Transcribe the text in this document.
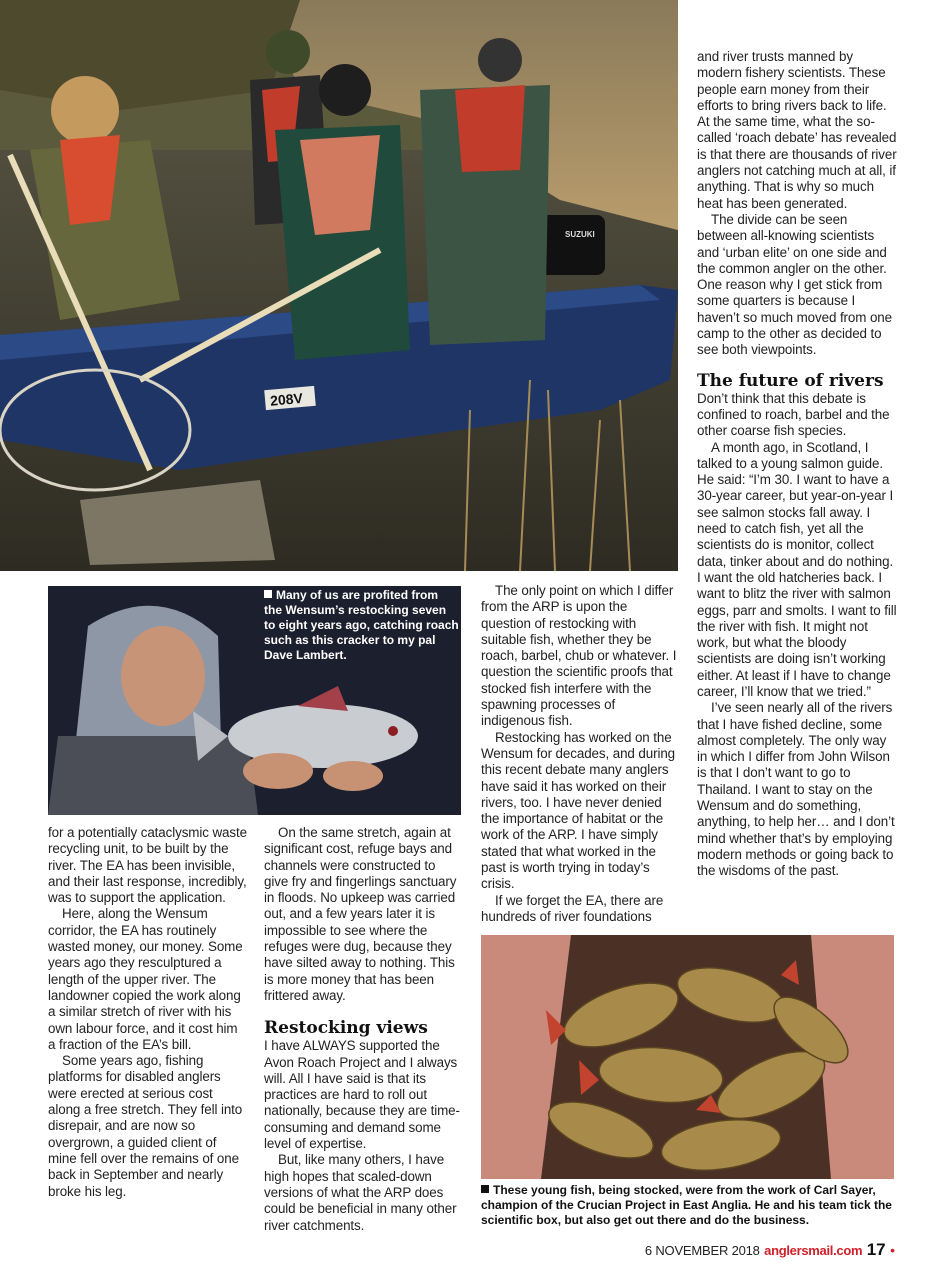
208V
SUZUKI
Many of us are profited from the Wensum’s restocking seven to eight years ago, catching roach such as this cracker to my pal Dave Lambert.

for a potentially cataclysmic waste recycling unit, to be built by the river. The EA has been invisible, and their last response, incredibly, was to support the application.

Here, along the Wensum corridor, the EA has routinely wasted money, our money. Some years ago they resculptured a length of the upper river. The landowner copied the work along a similar stretch of river with his own labour force, and it cost him a fraction of the EA’s bill.

Some years ago, fishing platforms for disabled anglers were erected at serious cost along a free stretch. They fell into disrepair, and are now so overgrown, a guided client of mine fell over the remains of one back in September and nearly broke his leg.

On the same stretch, again at significant cost, refuge bays and channels were constructed to give fry and fingerlings sanctuary in floods. No upkeep was carried out, and a few years later it is impossible to see where the refuges were dug, because they have silted away to nothing. This is more money that has been frittered away.

Restocking views

I have ALWAYS supported the Avon Roach Project and I always will. All I have said is that its practices are hard to roll out nationally, because they are time-consuming and demand some level of expertise.

But, like many others, I have high hopes that scaled-down versions of what the ARP does could be beneficial in many other river catchments.

The only point on which I differ from the ARP is upon the question of restocking with suitable fish, whether they be roach, barbel, chub or whatever. I question the scientific proofs that stocked fish interfere with the spawning processes of indigenous fish.

Restocking has worked on the Wensum for decades, and during this recent debate many anglers have said it has worked on their rivers, too. I have never denied the importance of habitat or the work of the ARP. I have simply stated that what worked in the past is worth trying in today’s crisis.

If we forget the EA, there are hundreds of river foundations

and river trusts manned by modern fishery scientists. These people earn money from their efforts to bring rivers back to life. At the same time, what the so-called ‘roach debate’ has revealed is that there are thousands of river anglers not catching much at all, if anything. That is why so much heat has been generated.

The divide can be seen between all-knowing scientists and ‘urban elite’ on one side and the common angler on the other. One reason why I get stick from some quarters is because I haven’t so much moved from one camp to the other as decided to see both viewpoints.

The future of rivers

Don’t think that this debate is confined to roach, barbel and the other coarse fish species.

A month ago, in Scotland, I talked to a young salmon guide. He said: “I’m 30. I want to have a 30-year career, but year-on-year I see salmon stocks fall away. I need to catch fish, yet all the scientists do is monitor, collect data, tinker about and do nothing. I want the old hatcheries back. I want to blitz the river with salmon eggs, parr and smolts. I want to fill the river with fish. It might not work, but what the bloody scientists are doing isn’t working either. At least if I have to change career, I’ll know that we tried.”

I’ve seen nearly all of the rivers that I have fished decline, some almost completely. The only way in which I differ from John Wilson is that I don’t want to go to Thailand. I want to stay on the Wensum and do something, anything, to help her… and I don’t mind whether that’s by employing modern methods or going back to the wisdoms of the past.

These young fish, being stocked, were from the work of Carl Sayer, champion of the Crucian Project in East Anglia. He and his team tick the scientific box, but also get out there and do the business.
6 NOVEMBER 2018 anglersmail.com 17 •
